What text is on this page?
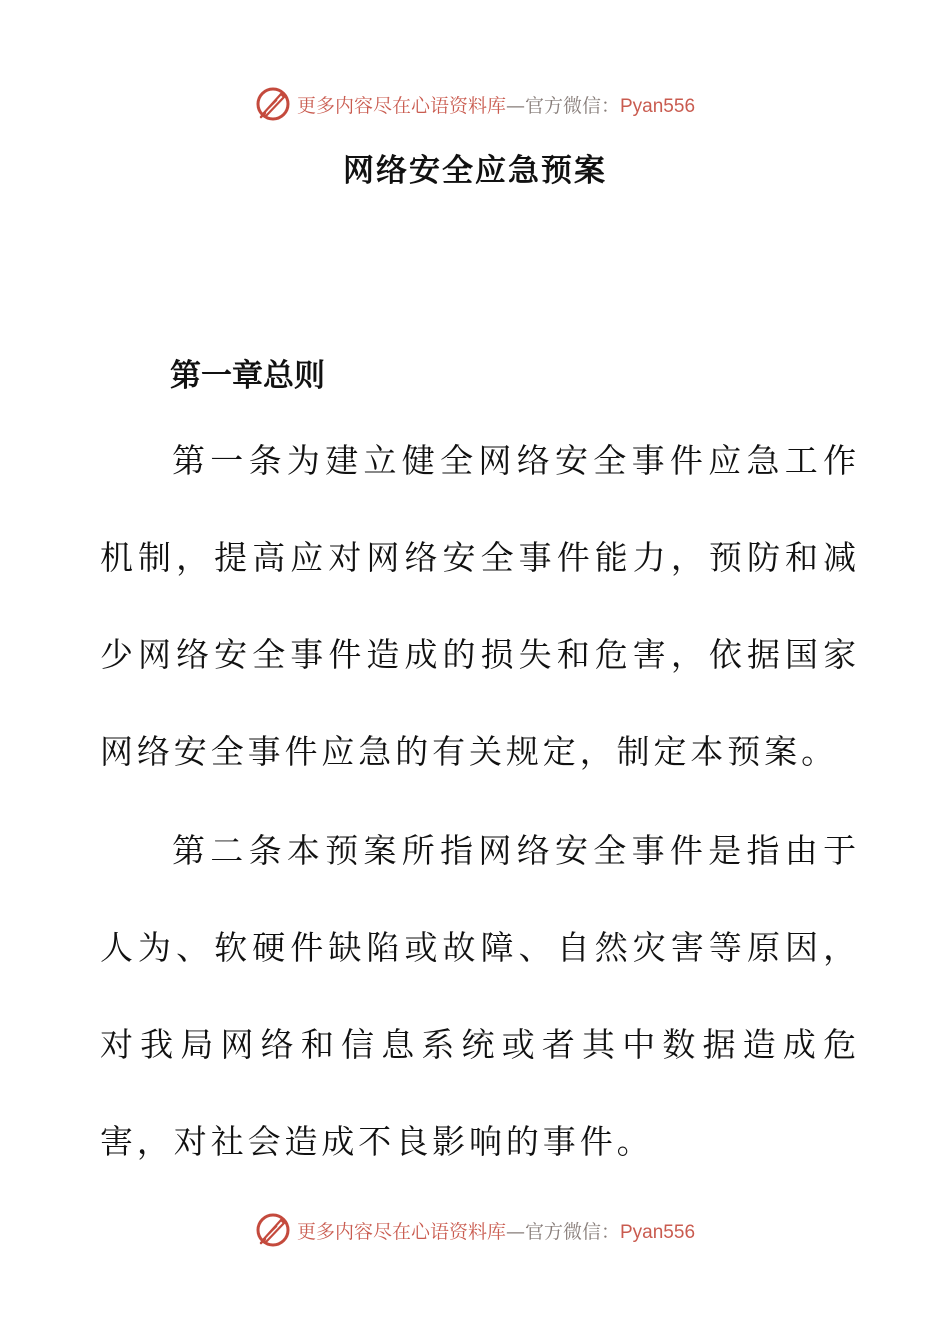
更多内容尽在心语资料库—官方微信：Pyan556
网络安全应急预案
第一章总则
第一条为建立健全网络安全事件应急工作机制，提高应对网络安全事件能力，预防和减少网络安全事件造成的损失和危害，依据国家网络安全事件应急的有关规定，制定本预案。
第二条本预案所指网络安全事件是指由于人为、软硬件缺陷或故障、自然灾害等原因，对我局网络和信息系统或者其中数据造成危害，对社会造成不良影响的事件。
更多内容尽在心语资料库—官方微信：Pyan556
